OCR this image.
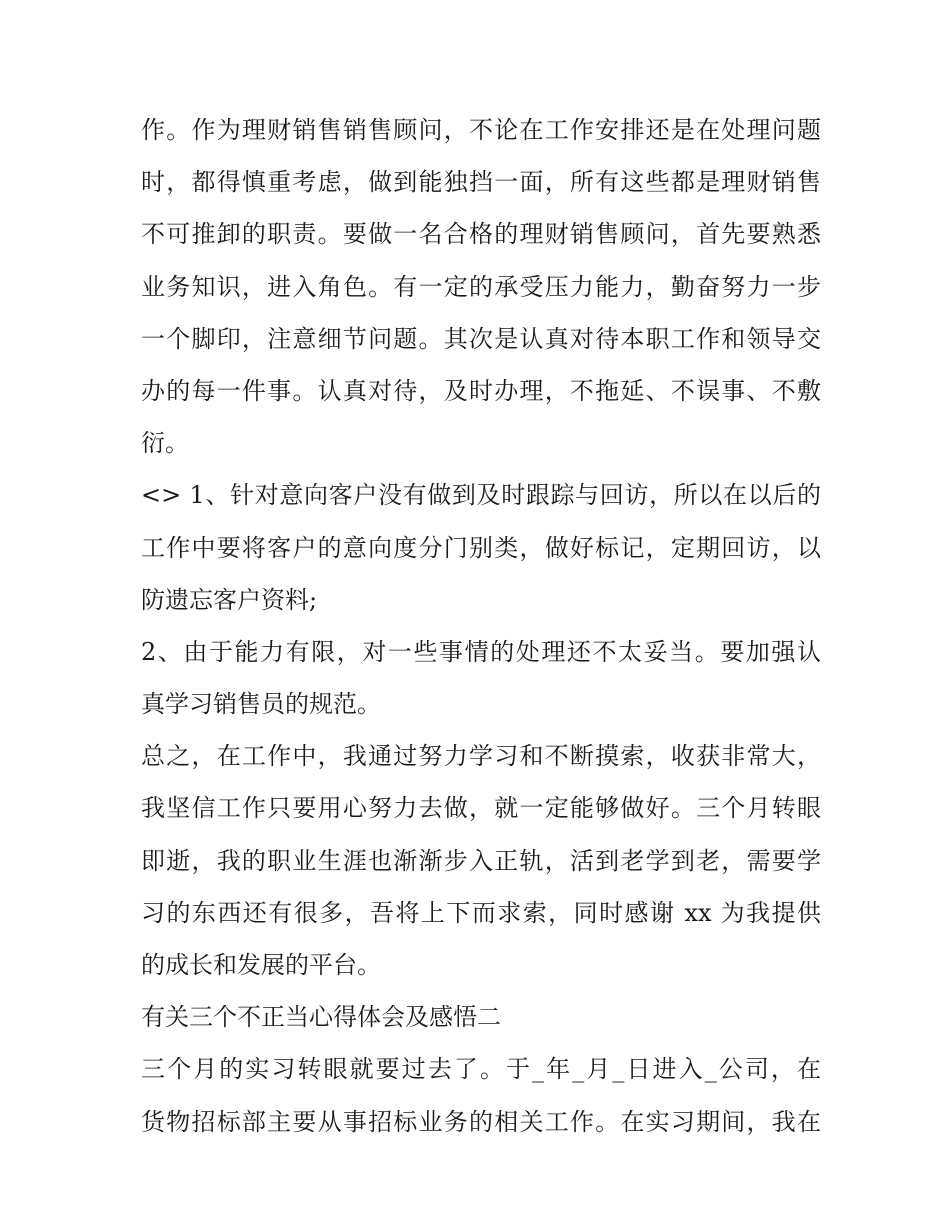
作。作为理财销售销售顾问，不论在工作安排还是在处理问题
时，都得慎重考虑，做到能独挡一面，所有这些都是理财销售
不可推卸的职责。要做一名合格的理财销售顾问，首先要熟悉
业务知识，进入角色。有一定的承受压力能力，勤奋努力一步
一个脚印，注意细节问题。其次是认真对待本职工作和领导交
办的每一件事。认真对待，及时办理，不拖延、不误事、不敷
衍。
<> 1、针对意向客户没有做到及时跟踪与回访，所以在以后的
工作中要将客户的意向度分门别类，做好标记，定期回访，以
防遗忘客户资料;
2、由于能力有限，对一些事情的处理还不太妥当。要加强认
真学习销售员的规范。
总之，在工作中，我通过努力学习和不断摸索，收获非常大，
我坚信工作只要用心努力去做，就一定能够做好。三个月转眼
即逝，我的职业生涯也渐渐步入正轨，活到老学到老，需要学
习的东西还有很多，吾将上下而求索，同时感谢 xx 为我提供
的成长和发展的平台。
有关三个不正当心得体会及感悟二
三个月的实习转眼就要过去了。于_年_月_日进入_公司，在
货物招标部主要从事招标业务的相关工作。在实习期间，我在
